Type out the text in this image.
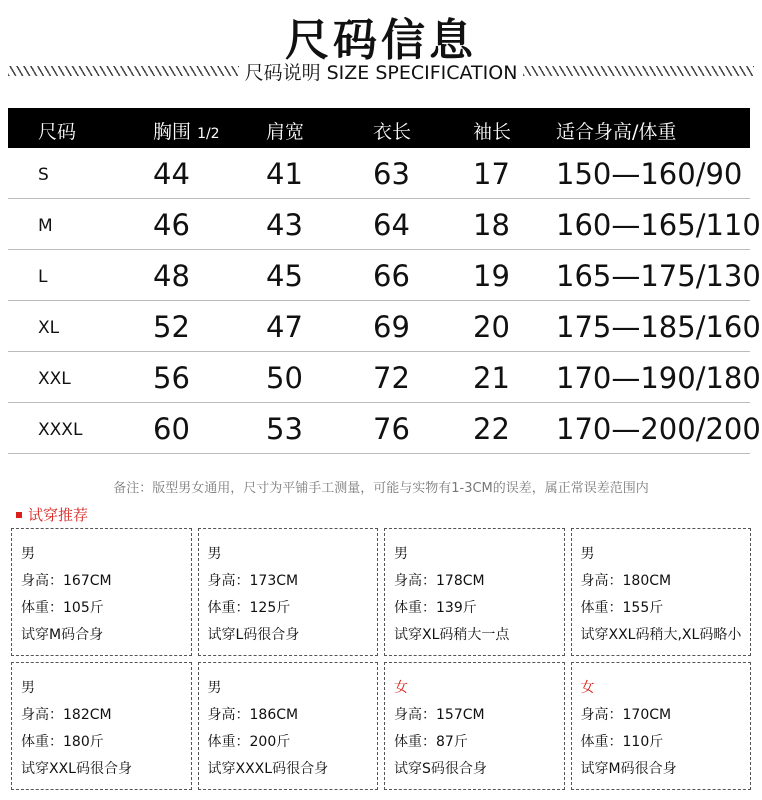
尺码信息
尺码说明 SIZE SPECIFICATION
尺码	胸围 1/2 肩宽	衣长	袖长 适合身高/体重
S	44	41 63 17 150—160/90
M	46	43 64 18 160—165/110
L	48	45 66 19 165—175/130
XL	52	47 69 20 175—185/160
XXL	56	50 72 21 170—190/180
XXXL 60	53 76 22 170—200/200
备注：版型男女通用，尺寸为平铺手工测量，可能与实物有1-3CM的误差，属正常误差范围内
试穿推荐
男
身高：167CM
体重：105斤
试穿M码合身
男
身高：173CM
体重：125斤
试穿L码很合身
男
身高：178CM
体重：139斤
试穿XL码稍大一点
男
身高：180CM
体重：155斤
试穿XXL码稍大,XL码略小
男
身高：182CM
体重：180斤
试穿XXL码很合身
男
身高：186CM
体重：200斤
试穿XXXL码很合身
女
身高：157CM
体重：87斤
试穿S码很合身
女
身高：170CM
体重：110斤
试穿M码很合身
